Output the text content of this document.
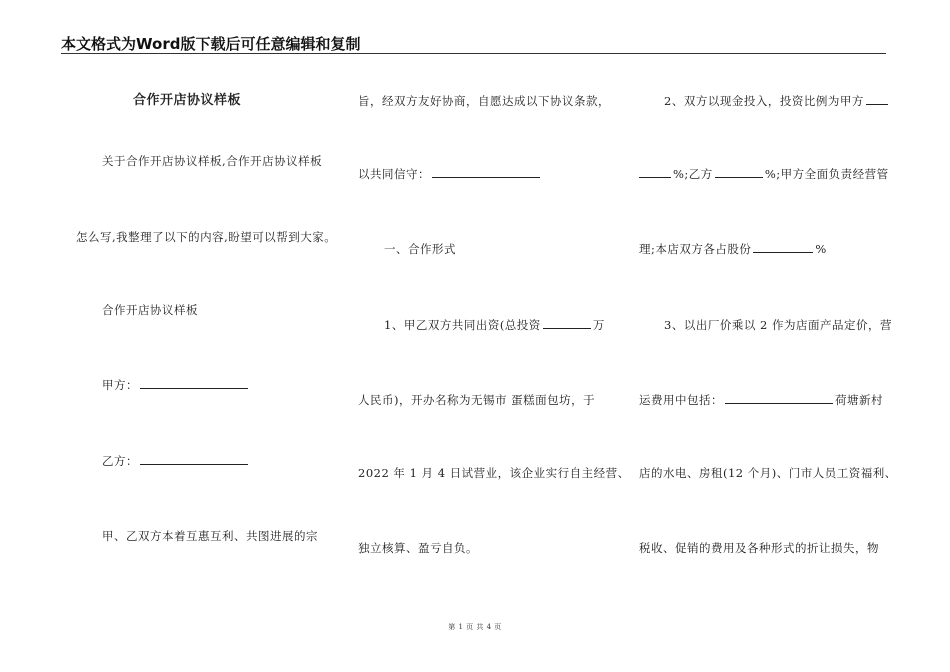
本文格式为Word版下载后可任意编辑和复制
合作开店协议样板
关于合作开店协议样板,合作开店协议样板
怎么写,我整理了以下的内容,盼望可以帮到大家。
合作开店协议样板
甲方：
乙方：
甲、乙双方本着互惠互利、共图进展的宗
旨，经双方友好协商，自愿达成以下协议条款，
以共同信守：
一、合作形式
1、甲乙双方共同出资(总投资	万
人民币)，开办名称为无锡市 蛋糕面包坊，于
2022 年 1 月 4 日试营业，该企业实行自主经营、
独立核算、盈亏自负。
2、双方以现金投入，投资比例为甲方
%;乙方	%;甲方全面负责经营管
理;本店双方各占股份	%
3、以出厂价乘以 2 作为店面产品定价，营
运费用中包括：	荷塘新村
店的水电、房租(12 个月)、门市人员工资福利、
税收、促销的费用及各种形式的折让损失，物
第 1 页 共 4 页
